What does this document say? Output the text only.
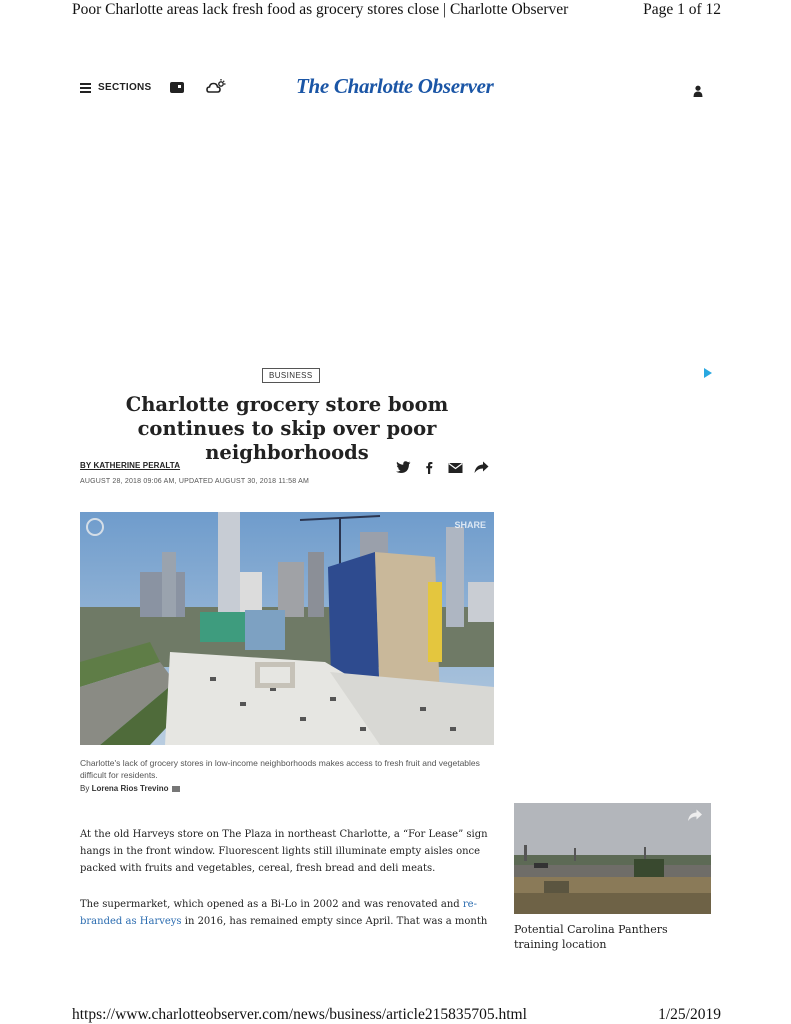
Poor Charlotte areas lack fresh food as grocery stores close | Charlotte Observer	Page 1 of 12
SECTIONS	The Charlotte Observer
BUSINESS
Charlotte grocery store boom continues to skip over poor neighborhoods
BY KATHERINE PERALTA
AUGUST 28, 2018 09:06 AM, UPDATED AUGUST 30, 2018 11:58 AM
SHARE

Charlotte's lack of grocery stores in low-income neighborhoods makes access to fresh fruit and vegetables difficult for residents.

By Lorena Rios Trevino

At the old Harveys store on The Plaza in northeast Charlotte, a “For Lease” sign hangs in the front window. Fluorescent lights still illuminate empty aisles once packed with fruits and vegetables, cereal, fresh bread and deli meats.

The supermarket, which opened as a Bi-Lo in 2002 and was renovated and re-branded as Harveys in 2016, has remained empty since April. That was a month

Potential Carolina Panthers training location

https://www.charlotteobserver.com/news/business/article215835705.html	1/25/2019
